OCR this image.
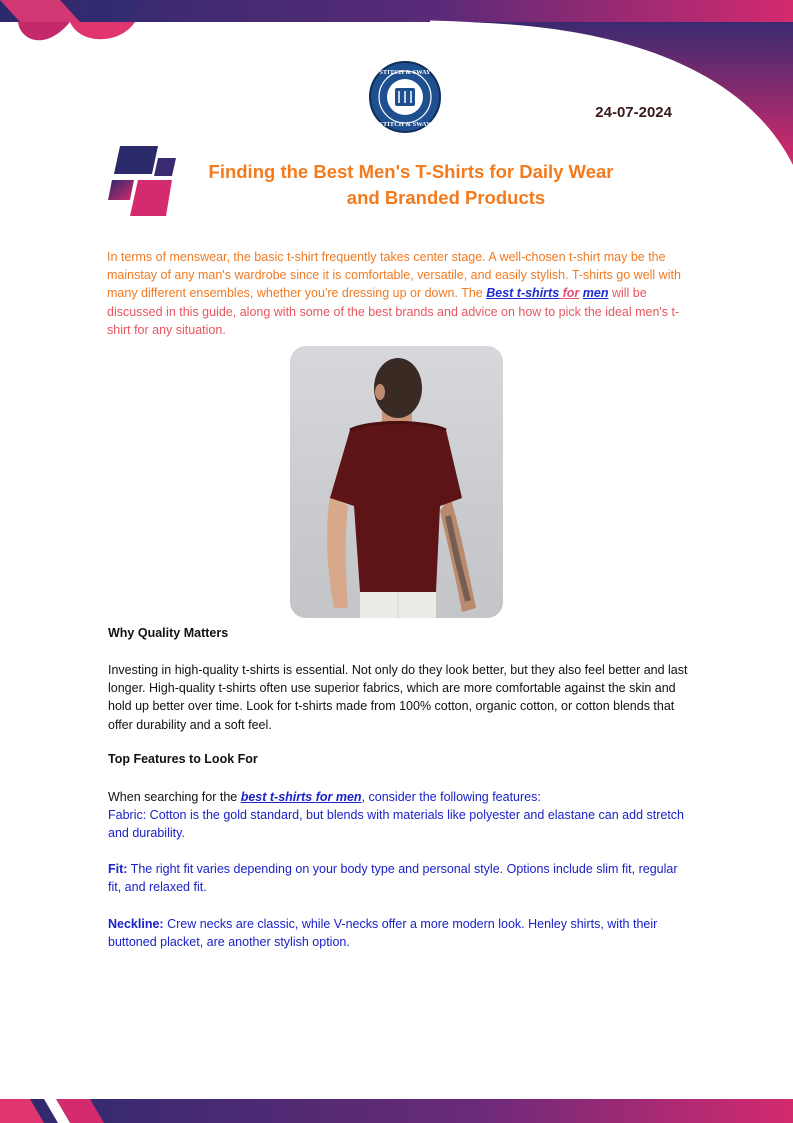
STITCH & SWAY
STITCH & SWAY
24-07-2024
Finding the Best Men's T-Shirts for Daily Wear
and Branded Products
In terms of menswear, the basic t-shirt frequently takes center stage. A well-chosen t-shirt may be the mainstay of any man's wardrobe since it is comfortable, versatile, and easily stylish. T-shirts go well with many different ensembles, whether you're dressing up or down. The Best t-shirts for men will be discussed in this guide, along with some of the best brands and advice on how to pick the ideal men's t-shirt for any situation.
Why Quality Matters
Investing in high-quality t-shirts is essential. Not only do they look better, but they also feel better and last longer. High-quality t-shirts often use superior fabrics, which are more comfortable against the skin and hold up better over time. Look for t-shirts made from 100% cotton, organic cotton, or cotton blends that offer durability and a soft feel.
Top Features to Look For
When searching for the best t-shirts for men, consider the following features:
Fabric: Cotton is the gold standard, but blends with materials like polyester and elastane can add stretch and durability.
Fit: The right fit varies depending on your body type and personal style. Options include slim fit, regular fit, and relaxed fit.
Neckline: Crew necks are classic, while V-necks offer a more modern look. Henley shirts, with their buttoned placket, are another stylish option.
